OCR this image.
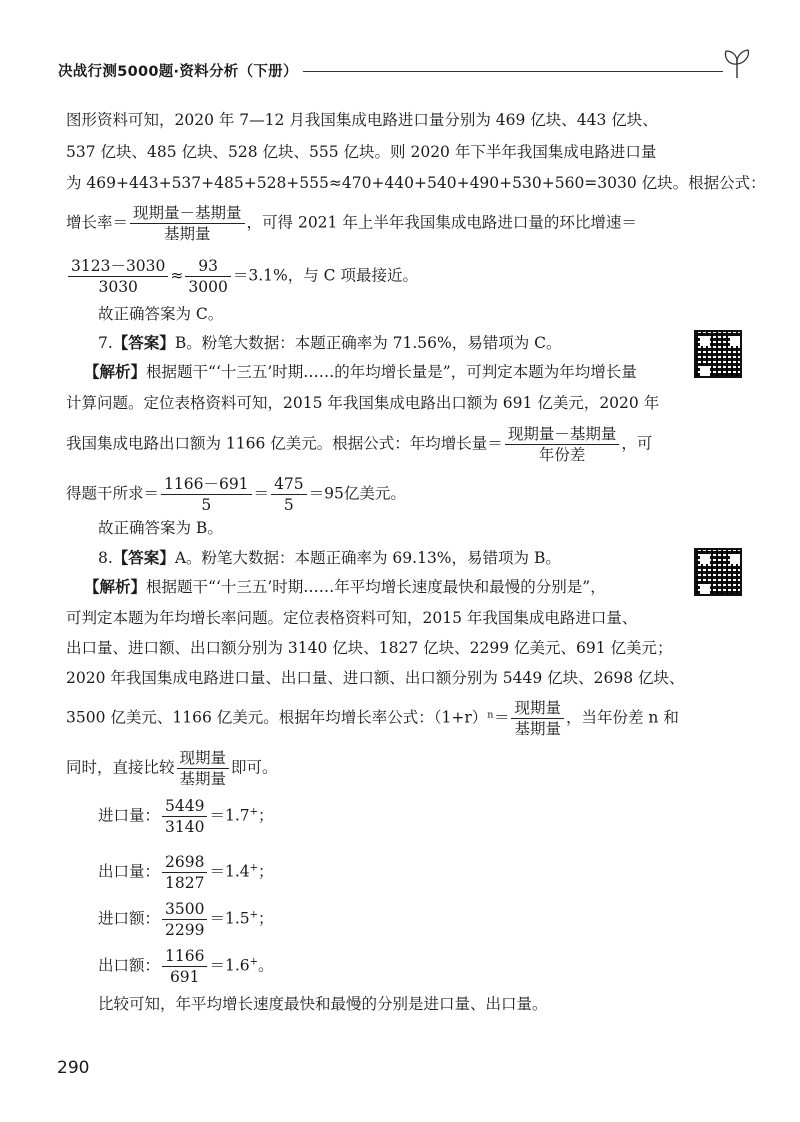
决战行测5000题·资料分析（下册）
图形资料可知，2020 年 7—12 月我国集成电路进口量分别为 469 亿块、443 亿块、
537 亿块、485 亿块、528 亿块、555 亿块。则 2020 年下半年我国集成电路进口量
为 469+443+537+485+528+555≈470+440+540+490+530+560=3030 亿块。根据公式：
增长率＝ $\frac{\text{现期量－基期量}}{\text{基期量}}$ ，可得 2021 年上半年我国集成电路进口量的环比增速＝
$\frac{3123-3030}{3030} \approx \frac{93}{3000} =3.1\%$，与 C 项最接近。
故正确答案为 C。
7.【答案】B。粉笔大数据：本题正确率为 71.56%，易错项为 C。
【解析】根据题干“‘十三五’时期……的年均增长量是”，可判定本题为年均增长量
计算问题。定位表格资料可知，2015 年我国集成电路出口额为 691 亿美元，2020 年
我国集成电路出口额为 1166 亿美元。根据公式：年均增长量＝ $\frac{\text{现期量－基期量}}{\text{年份差}}$ ，可
得题干所求＝ $\frac{1166-691}{5} = \frac{475}{5} =95$亿美元。
故正确答案为 B。
8.【答案】A。粉笔大数据：本题正确率为 69.13%，易错项为 B。
【解析】根据题干“‘十三五’时期……年平均增长速度最快和最慢的分别是”，
可判定本题为年均增长率问题。定位表格资料可知，2015 年我国集成电路进口量、
出口量、进口额、出口额分别为 3140 亿块、1827 亿块、2299 亿美元、691 亿美元；
2020 年我国集成电路进口量、出口量、进口额、出口额分别为 5449 亿块、2698 亿块、
3500 亿美元、1166 亿美元。根据年均增长率公式：$(1+r)^n= \frac{\text{现期量}}{\text{基期量}}$ ，当年份差 n 和
同时，直接比较 $\frac{\text{现期量}}{\text{基期量}}$ 即可。
进口量： $\frac{5449}{3140} =1.7^+$；
出口量： $\frac{2698}{1827} =1.4^+$；
进口额： $\frac{3500}{2299} =1.5^+$；
出口额： $\frac{1166}{691} =1.6^+$。
比较可知，年平均增长速度最快和最慢的分别是进口量、出口量。
290
